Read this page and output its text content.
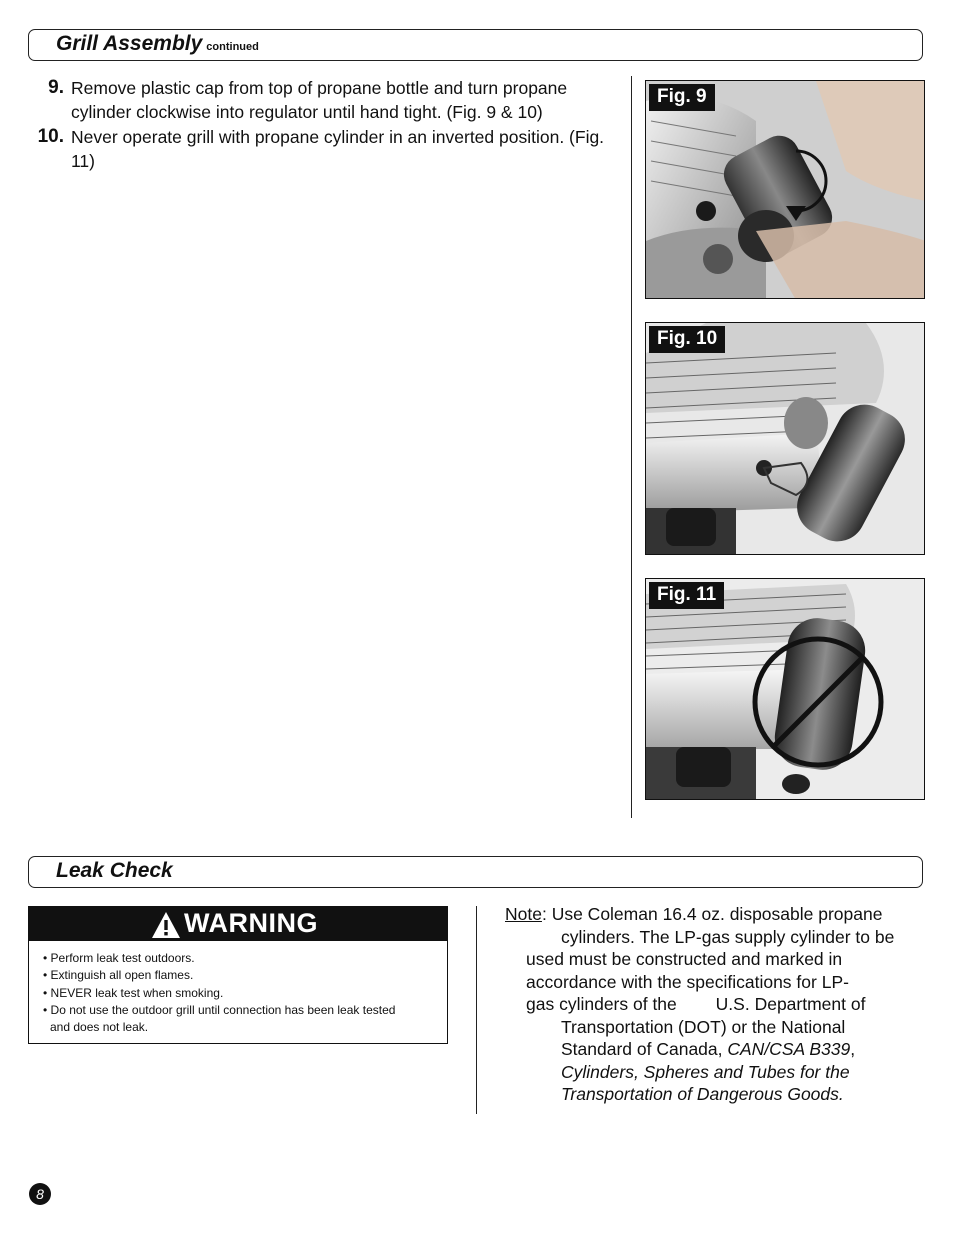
Grill Assembly continued
9. Remove plastic cap from top of propane bottle and turn propane cylinder clockwise into regulator until hand tight. (Fig. 9 & 10)
10. Never operate grill with propane cylinder in an inverted position. (Fig. 11)
Fig. 9
Fig. 10
Fig. 11
Leak Check
WARNING
• Perform leak test outdoors.
• Extinguish all open flames.
• NEVER leak test when smoking.
• Do not use the outdoor grill until connection has been leak tested
and does not leak.
Note: Use Coleman 16.4 oz. disposable propane
cylinders. The LP-gas supply cylinder to be
used must be constructed and marked in
accordance with the specifications for LP-
gas cylinders of the        U.S. Department of
Transportation (DOT) or the National
Standard of Canada, CAN/CSA B339,
Cylinders, Spheres and Tubes for the
Transportation of Dangerous Goods.
8
